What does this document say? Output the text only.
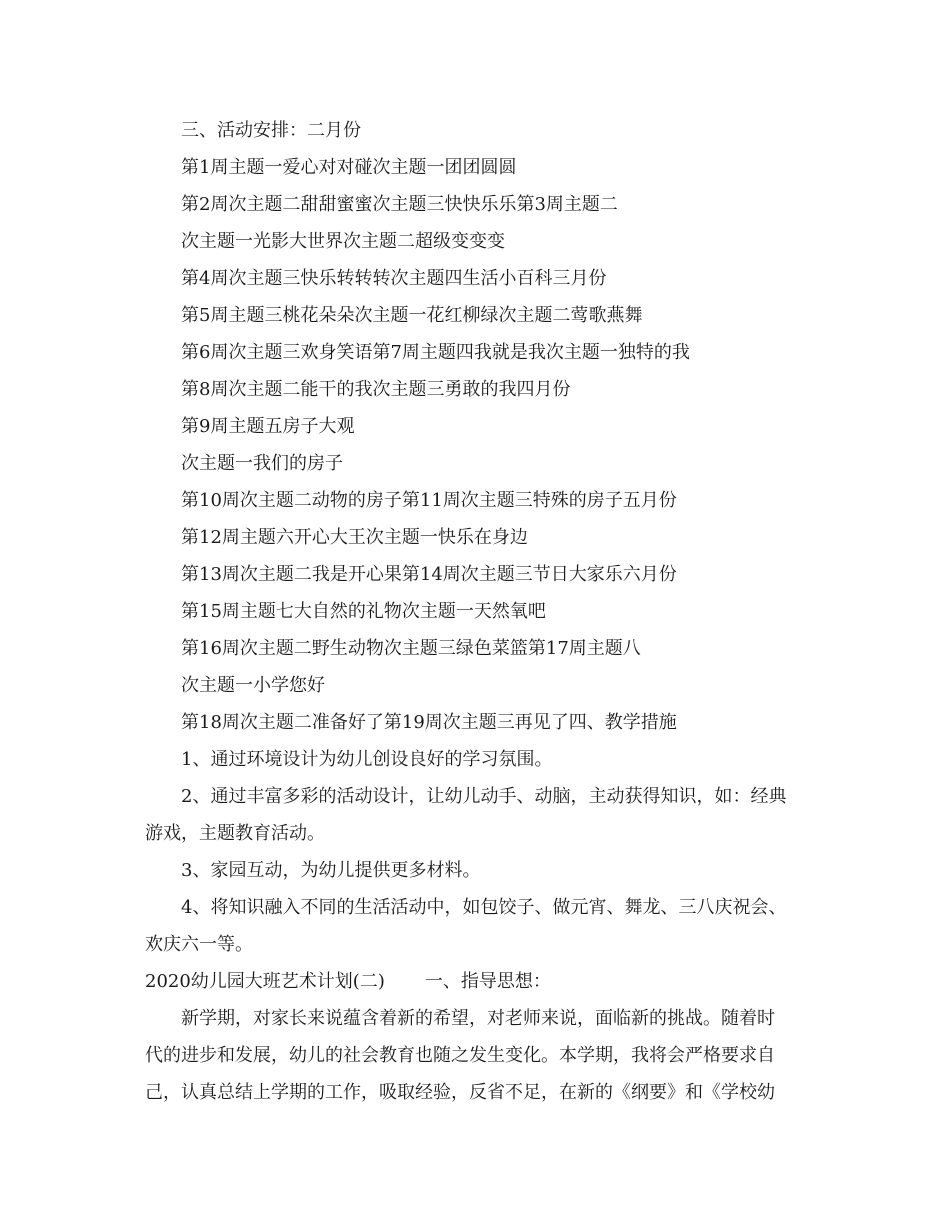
三、活动安排：二月份
第1周主题一爱心对对碰次主题一团团圆圆
第2周次主题二甜甜蜜蜜次主题三快快乐乐第3周主题二
次主题一光影大世界次主题二超级变变变
第4周次主题三快乐转转转次主题四生活小百科三月份
第5周主题三桃花朵朵次主题一花红柳绿次主题二莺歌燕舞
第6周次主题三欢身笑语第7周主题四我就是我次主题一独特的我
第8周次主题二能干的我次主题三勇敢的我四月份
第9周主题五房子大观
次主题一我们的房子
第10周次主题二动物的房子第11周次主题三特殊的房子五月份
第12周主题六开心大王次主题一快乐在身边
第13周次主题二我是开心果第14周次主题三节日大家乐六月份
第15周主题七大自然的礼物次主题一天然氧吧
第16周次主题二野生动物次主题三绿色菜篮第17周主题八
次主题一小学您好
第18周次主题二准备好了第19周次主题三再见了四、教学措施
1、通过环境设计为幼儿创设良好的学习氛围。
2、通过丰富多彩的活动设计，让幼儿动手、动脑，主动获得知识，如：经典
游戏，主题教育活动。
3、家园互动，为幼儿提供更多材料。
4、将知识融入不同的生活活动中，如包饺子、做元宵、舞龙、三八庆祝会、
欢庆六一等。
2020幼儿园大班艺术计划(二) 一、指导思想：
新学期，对家长来说蕴含着新的希望，对老师来说，面临新的挑战。随着时
代的进步和发展，幼儿的社会教育也随之发生变化。本学期，我将会严格要求自
己，认真总结上学期的工作，吸取经验，反省不足，在新的《纲要》和《学校幼
